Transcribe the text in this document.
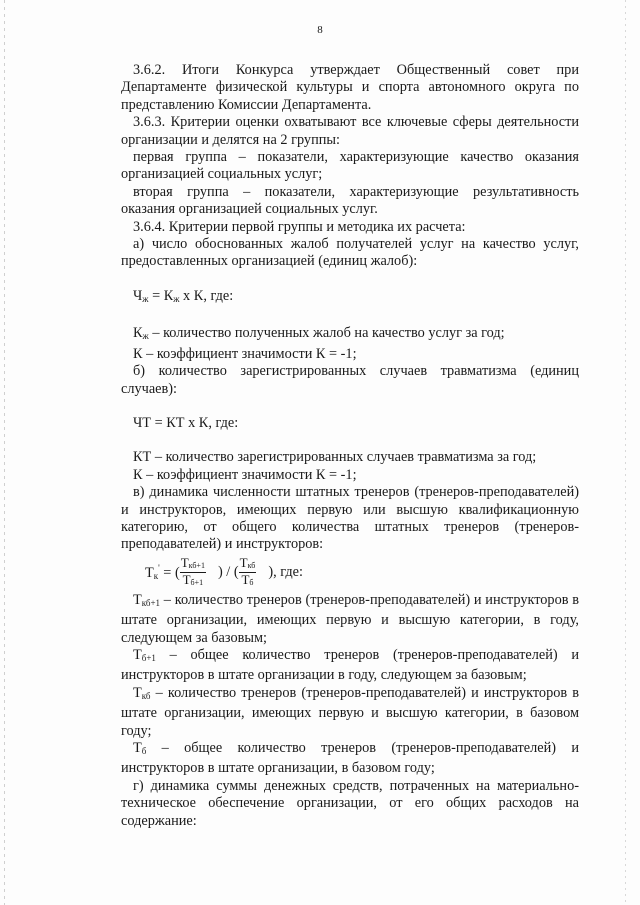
8

3.6.2. Итоги Конкурса утверждает Общественный совет при Департаменте физической культуры и спорта автономного округа по представлению Комиссии Департамента.

3.6.3. Критерии оценки охватывают все ключевые сферы деятельности организации и делятся на 2 группы:

первая группа – показатели, характеризующие качество оказания организацией социальных услуг;

вторая группа – показатели, характеризующие результативность оказания организацией социальных услуг.

3.6.4. Критерии первой группы и методика их расчета:

а) число обоснованных жалоб получателей услуг на качество услуг, предоставленных организацией (единиц жалоб):

$Ч_ж = К_ж$ х К, где:

$К_ж$ – количество полученных жалоб на качество услуг за год;

К – коэффициент значимости К = -1;

б) количество зарегистрированных случаев травматизма (единиц случаев):

ЧТ = КТ х К, где:

КТ – количество зарегистрированных случаев травматизма за год;

К – коэффициент значимости К = -1;

в) динамика численности штатных тренеров (тренеров-преподавателей) и инструкторов, имеющих первую или высшую квалификационную категорию, от общего количества штатных тренеров (тренеров-преподавателей) и инструкторов:

$Т_к'$ = ( $\frac{Т_{кб+1}}{Т_{б+1}}$ ) / ( $\frac{Т_{кб}}{Т_б}$ ), где:

$Т_{кб+1}$ – количество тренеров (тренеров-преподавателей) и инструкторов в штате организации, имеющих первую и высшую категории, в году, следующем за базовым;

$Т_{б+1}$ – общее количество тренеров (тренеров-преподавателей) и инструкторов в штате организации в году, следующем за базовым;

$Т_{кб}$ – количество тренеров (тренеров-преподавателей) и инструкторов в штате организации, имеющих первую и высшую категории, в базовом году;

$Т_б$ – общее количество тренеров (тренеров-преподавателей) и инструкторов в штате организации, в базовом году;

г) динамика суммы денежных средств, потраченных на материально-техническое обеспечение организации, от его общих расходов на содержание:
